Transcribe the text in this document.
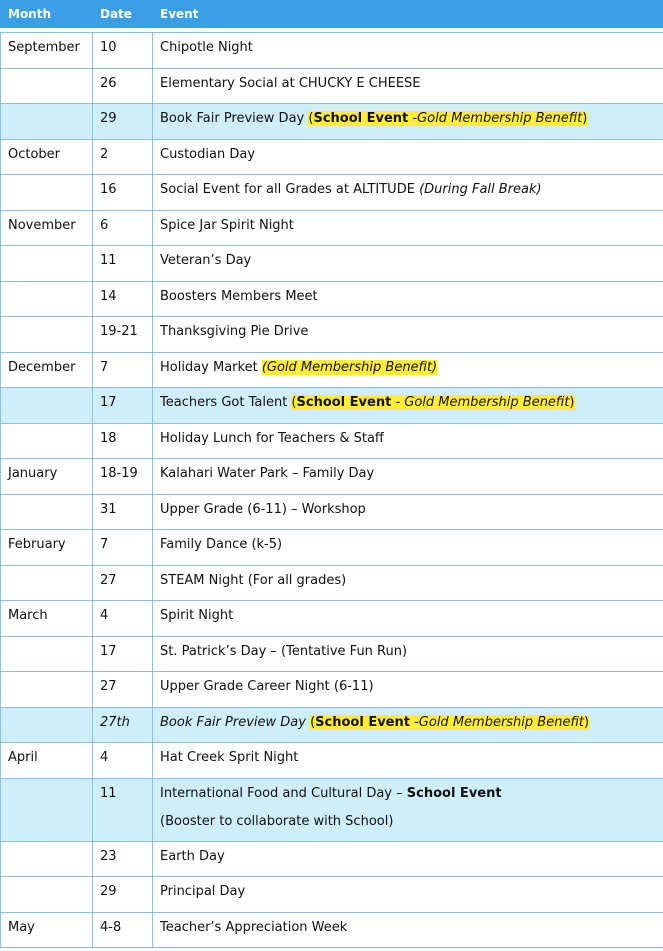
Month	Date	Event

September	10	Chipotle Night
	26	Elementary Social at CHUCKY E CHEESE
	29	Book Fair Preview Day (School Event -Gold Membership Benefit)
October	2	Custodian Day
	16	Social Event for all Grades at ALTITUDE (During Fall Break)
November	6	Spice Jar Spirit Night
	11	Veteran’s Day
	14	Boosters Members Meet
	19-21	Thanksgiving Pie Drive
December	7	Holiday Market (Gold Membership Benefit)
	17	Teachers Got Talent (School Event - Gold Membership Benefit)
	18	Holiday Lunch for Teachers & Staff
January	18-19	Kalahari Water Park – Family Day
	31	Upper Grade (6-11) – Workshop
February	7	Family Dance (k-5)
	27	STEAM Night (For all grades)
March	4	Spirit Night
	17	St. Patrick’s Day – (Tentative Fun Run)
	27	Upper Grade Career Night (6-11)
	27th	Book Fair Preview Day (School Event -Gold Membership Benefit)
April	4	Hat Creek Sprit Night
	11	International Food and Cultural Day – School Event
(Booster to collaborate with School)

	23	Earth Day
	29	Principal Day
May	4-8	Teacher’s Appreciation Week
